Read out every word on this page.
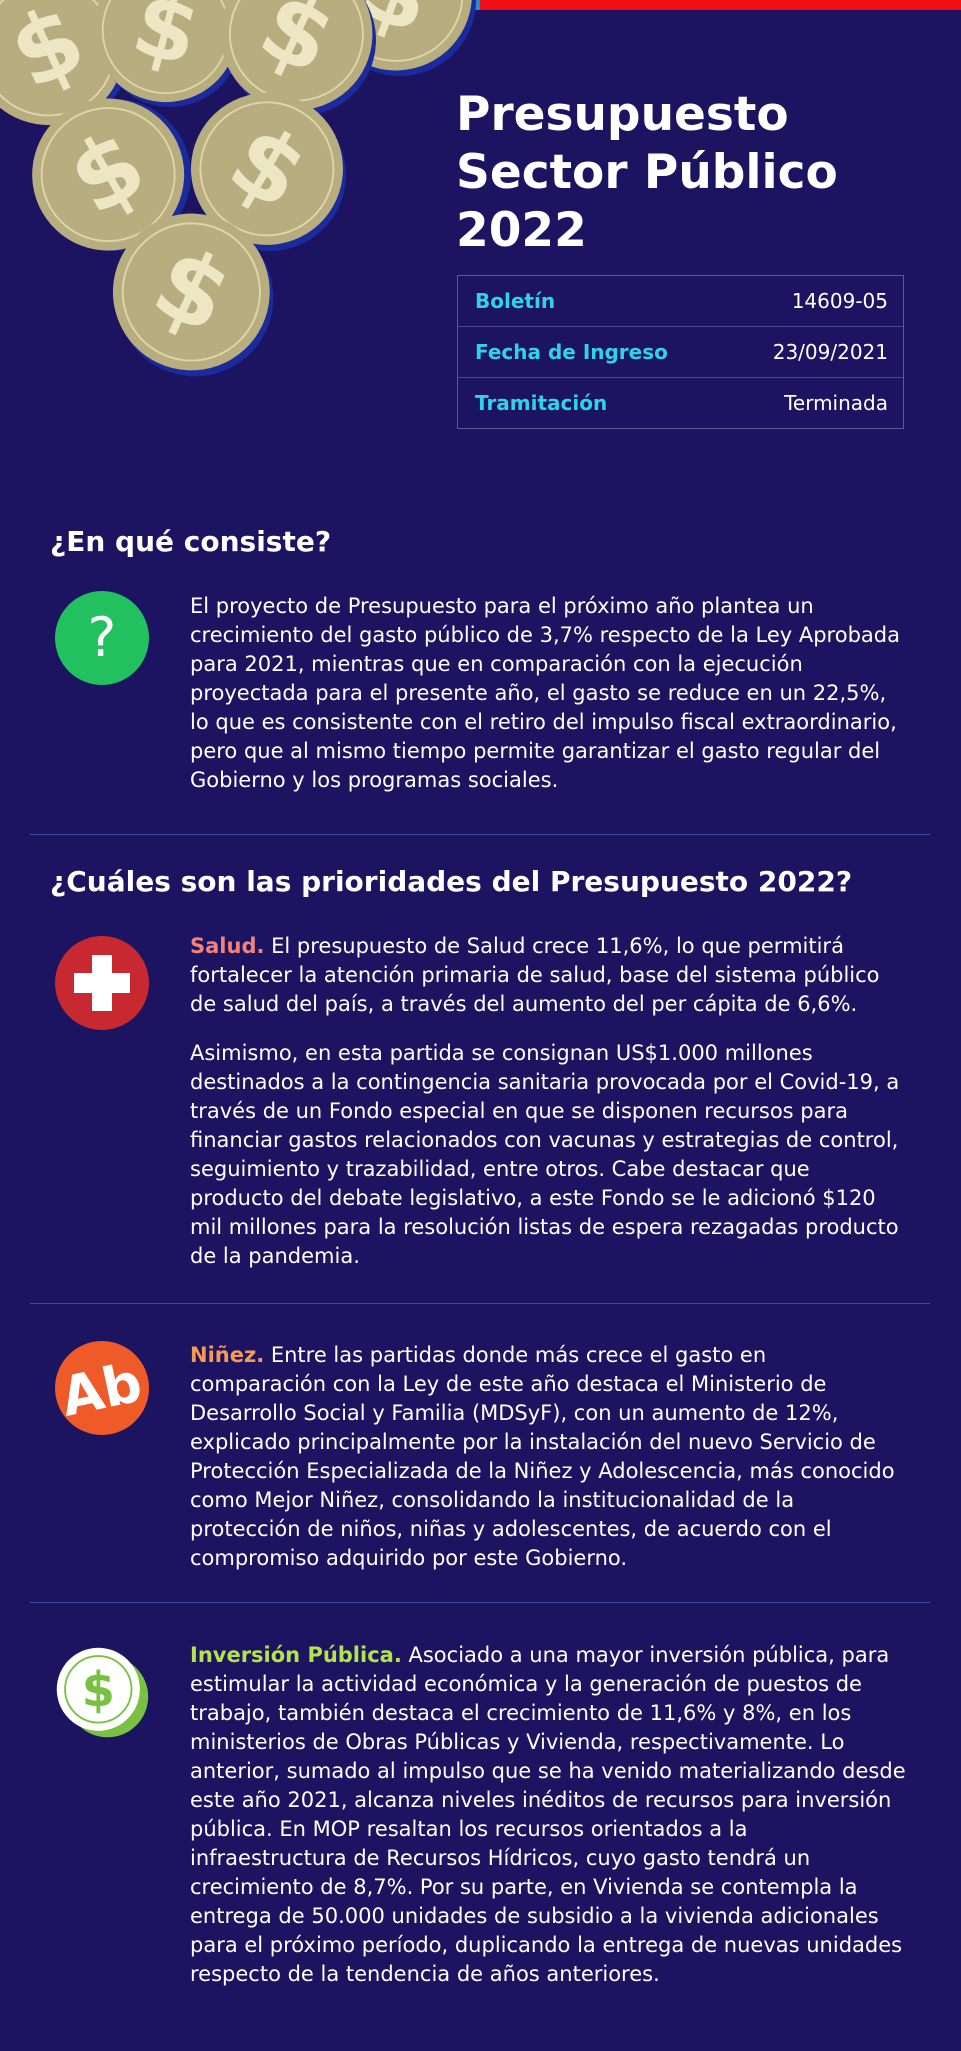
Presupuesto
Sector Público 2022
Boletín	14609-05
Fecha de Ingreso	23/09/2021
Tramitación	Terminada
¿En qué consiste?
?	El proyecto de Presupuesto para el próximo año plantea un crecimiento del gasto público de 3,7% respecto de la Ley Aprobada para 2021, mientras que en comparación con la ejecución proyectada para el presente año, el gasto se reduce en un 22,5%, lo que es consistente con el retiro del impulso fiscal extraordinario, pero que al mismo tiempo permite garantizar el gasto regular del Gobierno y los programas sociales.

¿Cuáles son las prioridades del Presupuesto 2022?

Salud. El presupuesto de Salud crece 11,6%, lo que permitirá fortalecer la atención primaria de salud, base del sistema público de salud del país, a través del aumento del per cápita de 6,6%.

Asimismo, en esta partida se consignan US$1.000 millones destinados a la contingencia sanitaria provocada por el Covid-19, a través de un Fondo especial en que se disponen recursos para financiar gastos relacionados con vacunas y estrategias de control, seguimiento y trazabilidad, entre otros. Cabe destacar que producto del debate legislativo, a este Fondo se le adicionó $120 mil millones para la resolución listas de espera rezagadas producto de la pandemia.

Ab Niñez. Entre las partidas donde más crece el gasto en comparación con la Ley de este año destaca el Ministerio de Desarrollo Social y Familia (MDSyF), con un aumento de 12%, explicado principalmente por la instalación del nuevo Servicio de Protección Especializada de la Niñez y Adolescencia, más conocido como Mejor Niñez, consolidando la institucionalidad de la protección de niños, niñas y adolescentes, de acuerdo con el compromiso adquirido por este Gobierno.

$

Inversión Pública. Asociado a una mayor inversión pública, para estimular la actividad económica y la generación de puestos de trabajo, también destaca el crecimiento de 11,6% y 8%, en los ministerios de Obras Públicas y Vivienda, respectivamente. Lo anterior, sumado al impulso que se ha venido materializando desde este año 2021, alcanza niveles inéditos de recursos para inversión pública. En MOP resaltan los recursos orientados a la infraestructura de Recursos Hídricos, cuyo gasto tendrá un crecimiento de 8,7%. Por su parte, en Vivienda se contempla la entrega de 50.000 unidades de subsidio a la vivienda adicionales para el próximo período, duplicando la entrega de nuevas unidades respecto de la tendencia de años anteriores.
